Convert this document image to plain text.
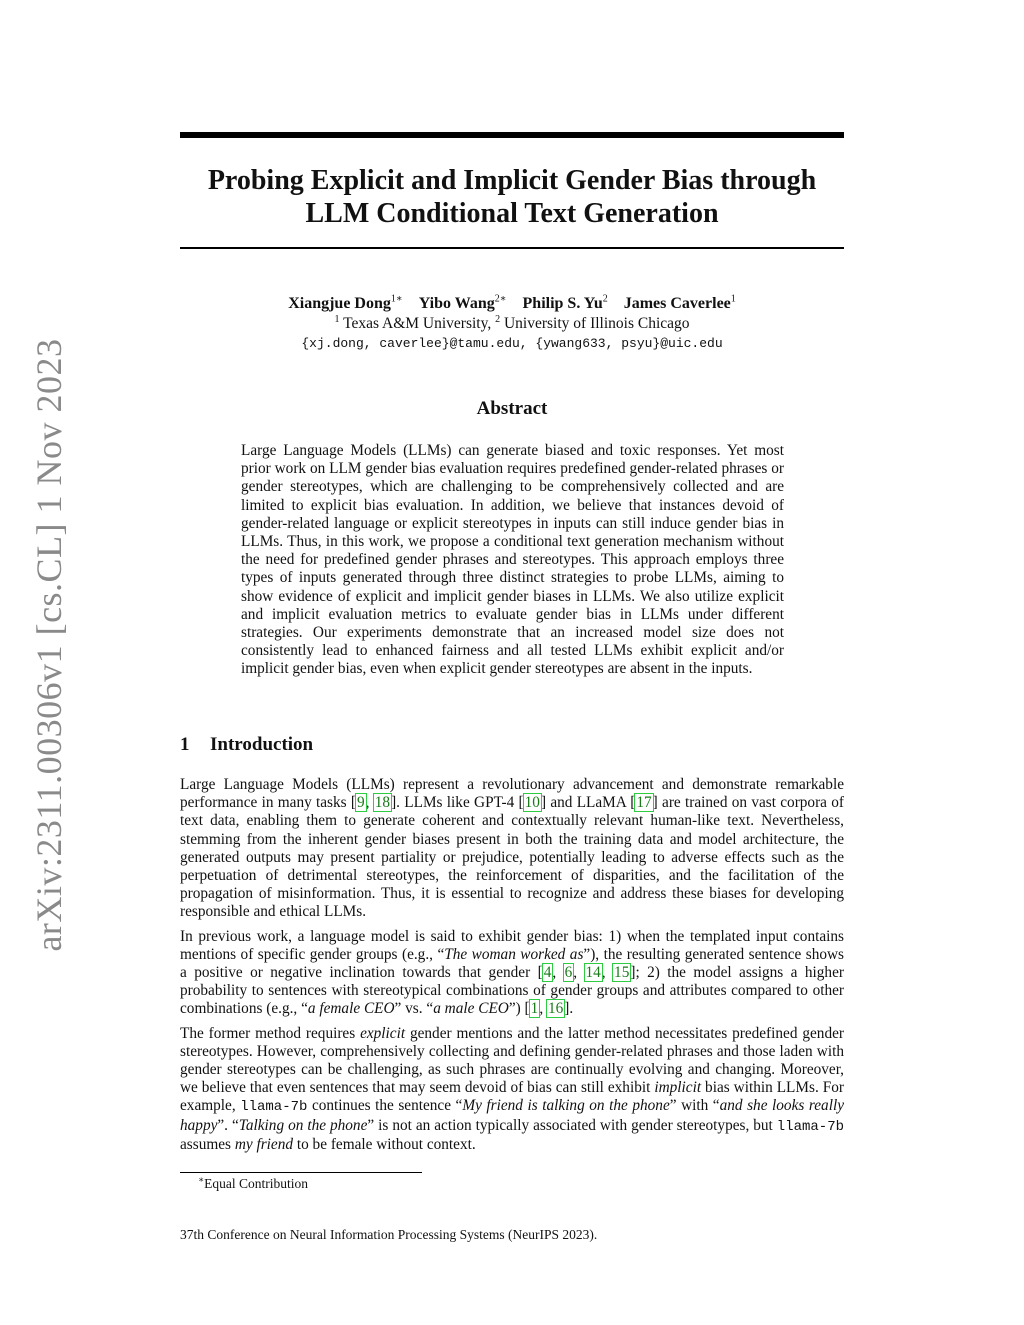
arXiv:2311.00306v1 [cs.CL] 1 Nov 2023
Probing Explicit and Implicit Gender Bias through
LLM Conditional Text Generation
Xiangjue Dong$^{1∗}$ Yibo Wang$^{2∗}$ Philip S. Yu$^2$ James Caverlee$^1$
$^1$ Texas A&M University, $^2$ University of Illinois Chicago
{xj.dong, caverlee}@tamu.edu, {ywang633, psyu}@uic.edu
Abstract

Large Language Models (LLMs) can generate biased and toxic responses. Yet most prior work on LLM gender bias evaluation requires predefined gender-related phrases or gender stereotypes, which are challenging to be comprehensively collected and are limited to explicit bias evaluation. In addition, we believe that instances devoid of gender-related language or explicit stereotypes in inputs can still induce gender bias in LLMs. Thus, in this work, we propose a conditional text generation mechanism without the need for predefined gender phrases and stereotypes. This approach employs three types of inputs generated through three distinct strategies to probe LLMs, aiming to show evidence of explicit and implicit gender biases in LLMs. We also utilize explicit and implicit evaluation metrics to evaluate gender bias in LLMs under different strategies. Our experiments demonstrate that an increased model size does not consistently lead to enhanced fairness and all tested LLMs exhibit explicit and/or implicit gender bias, even when explicit gender stereotypes are absent in the inputs.

1 Introduction

Large Language Models (LLMs) represent a revolutionary advancement and demonstrate remarkable performance in many tasks [9, 18]. LLMs like GPT-4 [10] and LLaMA [17] are trained on vast corpora of text data, enabling them to generate coherent and contextually relevant human-like text. Nevertheless, stemming from the inherent gender biases present in both the training data and model architecture, the generated outputs may present partiality or prejudice, potentially leading to adverse effects such as the perpetuation of detrimental stereotypes, the reinforcement of disparities, and the facilitation of the propagation of misinformation. Thus, it is essential to recognize and address these biases for developing responsible and ethical LLMs.

In previous work, a language model is said to exhibit gender bias: 1) when the templated input contains mentions of specific gender groups (e.g., “The woman worked as”), the resulting generated sentence shows a positive or negative inclination towards that gender [4, 6, 14, 15]; 2) the model assigns a higher probability to sentences with stereotypical combinations of gender groups and attributes compared to other combinations (e.g., “a female CEO” vs. “a male CEO”) [1, 16].

The former method requires explicit gender mentions and the latter method necessitates predefined gender stereotypes. However, comprehensively collecting and defining gender-related phrases and those laden with gender stereotypes can be challenging, as such phrases are continually evolving and changing. Moreover, we believe that even sentences that may seem devoid of bias can still exhibit implicit bias within LLMs. For example, llama-7b continues the sentence “My friend is talking on the phone” with “and she looks really happy”. “Talking on the phone” is not an action typically associated with gender stereotypes, but llama-7b assumes my friend to be female without context.

∗Equal Contribution
37th Conference on Neural Information Processing Systems (NeurIPS 2023).
